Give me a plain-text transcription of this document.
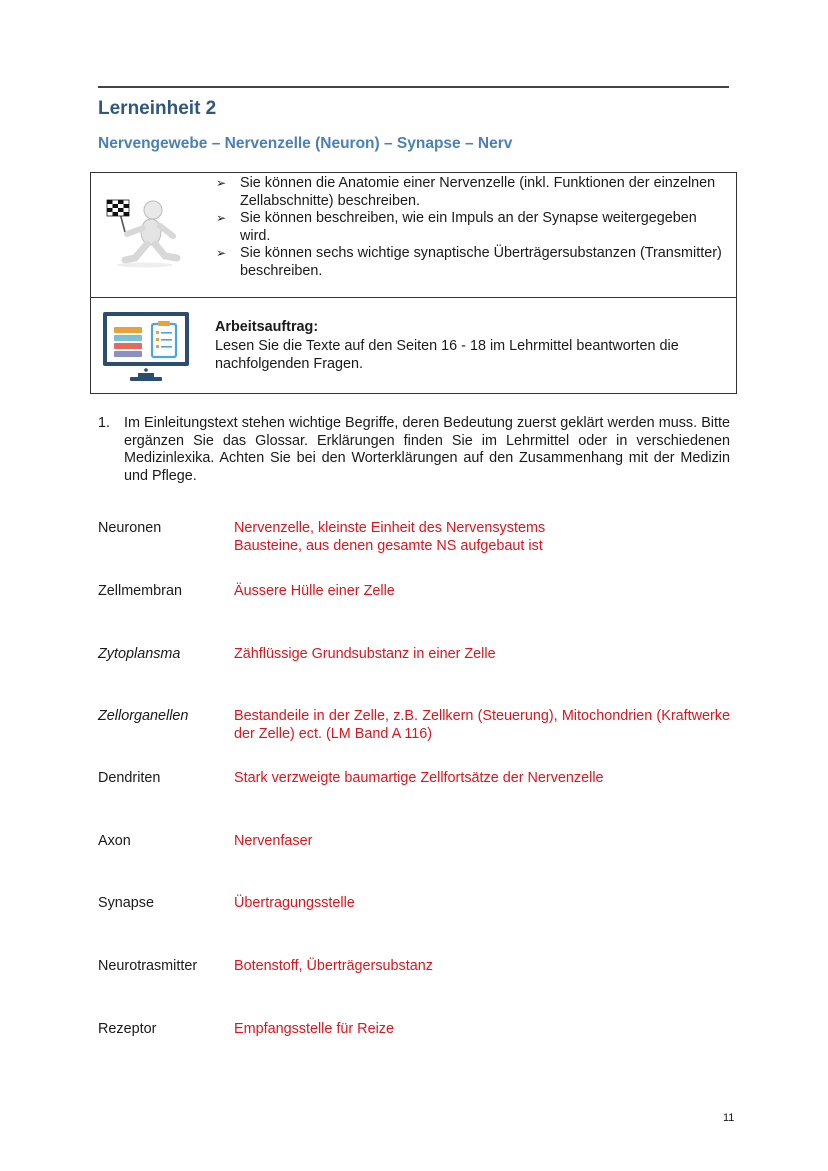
Lerneinheit 2
Nervengewebe – Nervenzelle (Neuron) – Synapse – Nerv
➢ Sie können die Anatomie einer Nervenzelle (inkl. Funktionen der einzelnen Zellabschnitte) beschreiben.
➢ Sie können beschreiben, wie ein Impuls an der Synapse weitergegeben wird.
➢ Sie können sechs wichtige synaptische Überträgersubstanzen (Transmitter) beschreiben.
Arbeitsauftrag:
Lesen Sie die Texte auf den Seiten 16 - 18 im Lehrmittel beantworten die nachfolgenden Fragen.
1. Im Einleitungstext stehen wichtige Begriffe, deren Bedeutung zuerst geklärt werden muss. Bitte ergänzen Sie das Glossar. Erklärungen finden Sie im Lehrmittel oder in verschiedenen Medizinlexika. Achten Sie bei den Worterklärungen auf den Zusammenhang mit der Medizin und Pflege.
Neuronen	Nervenzelle, kleinste Einheit des Nervensystems
Bausteine, aus denen gesamte NS aufgebaut ist
Zellmembran	Äussere Hülle einer Zelle
Zytoplansma	Zähflüssige Grundsubstanz in einer Zelle
Zellorganellen	Bestandeile in der Zelle, z.B. Zellkern (Steuerung), Mitochondrien (Kraftwerke der Zelle) ect. (LM Band A 116)
Dendriten	Stark verzweigte baumartige Zellfortsätze der Nervenzelle
Axon	Nervenfaser
Synapse	Übertragungsstelle
Neurotrasmitter	Botenstoff, Überträgersubstanz
Rezeptor	Empfangsstelle für Reize
11
